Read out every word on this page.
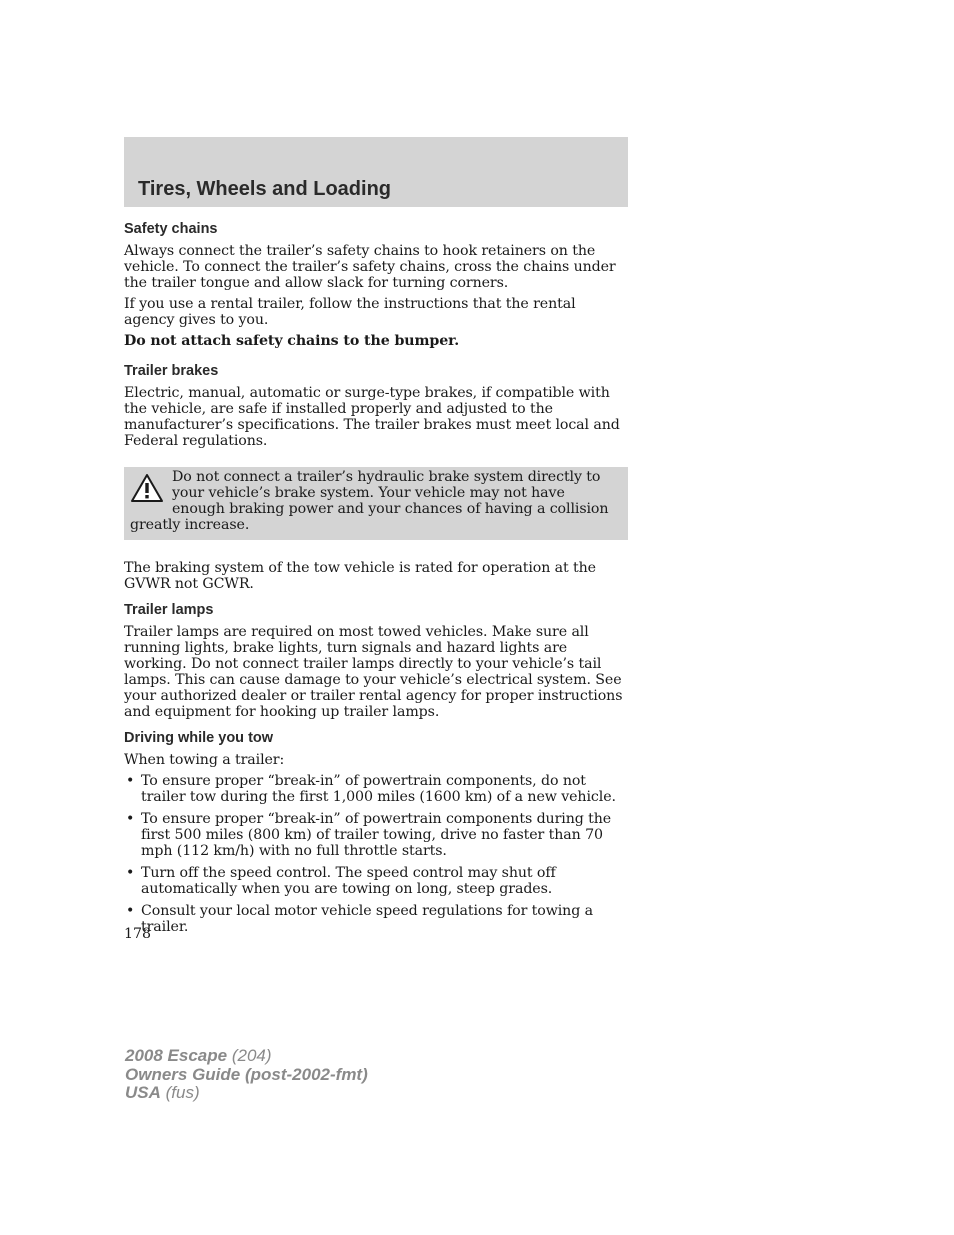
Tires, Wheels and Loading
Safety chains

Always connect the trailer’s safety chains to hook retainers on the vehicle. To connect the trailer’s safety chains, cross the chains under the trailer tongue and allow slack for turning corners.

If you use a rental trailer, follow the instructions that the rental agency gives to you.

Do not attach safety chains to the bumper.

Trailer brakes

Electric, manual, automatic or surge-type brakes, if compatible with the vehicle, are safe if installed properly and adjusted to the manufacturer’s specifications. The trailer brakes must meet local and Federal regulations.

Do not connect a trailer’s hydraulic brake system directly to your vehicle’s brake system. Your vehicle may not have enough braking power and your chances of having a collision greatly increase.

The braking system of the tow vehicle is rated for operation at the GVWR not GCWR.

Trailer lamps

Trailer lamps are required on most towed vehicles. Make sure all running lights, brake lights, turn signals and hazard lights are working. Do not connect trailer lamps directly to your vehicle’s tail lamps. This can cause damage to your vehicle’s electrical system. See your authorized dealer or trailer rental agency for proper instructions and equipment for hooking up trailer lamps.

Driving while you tow

When towing a trailer:

• To ensure proper “break-in” of powertrain components, do not trailer tow during the first 1,000 miles (1600 km) of a new vehicle.
• To ensure proper “break-in” of powertrain components during the first 500 miles (800 km) of trailer towing, drive no faster than 70 mph (112 km/h) with no full throttle starts.
• Turn off the speed control. The speed control may shut off automatically when you are towing on long, steep grades.
• Consult your local motor vehicle speed regulations for towing a trailer.
178
2008 Escape (204)
Owners Guide (post-2002-fmt)
USA (fus)
